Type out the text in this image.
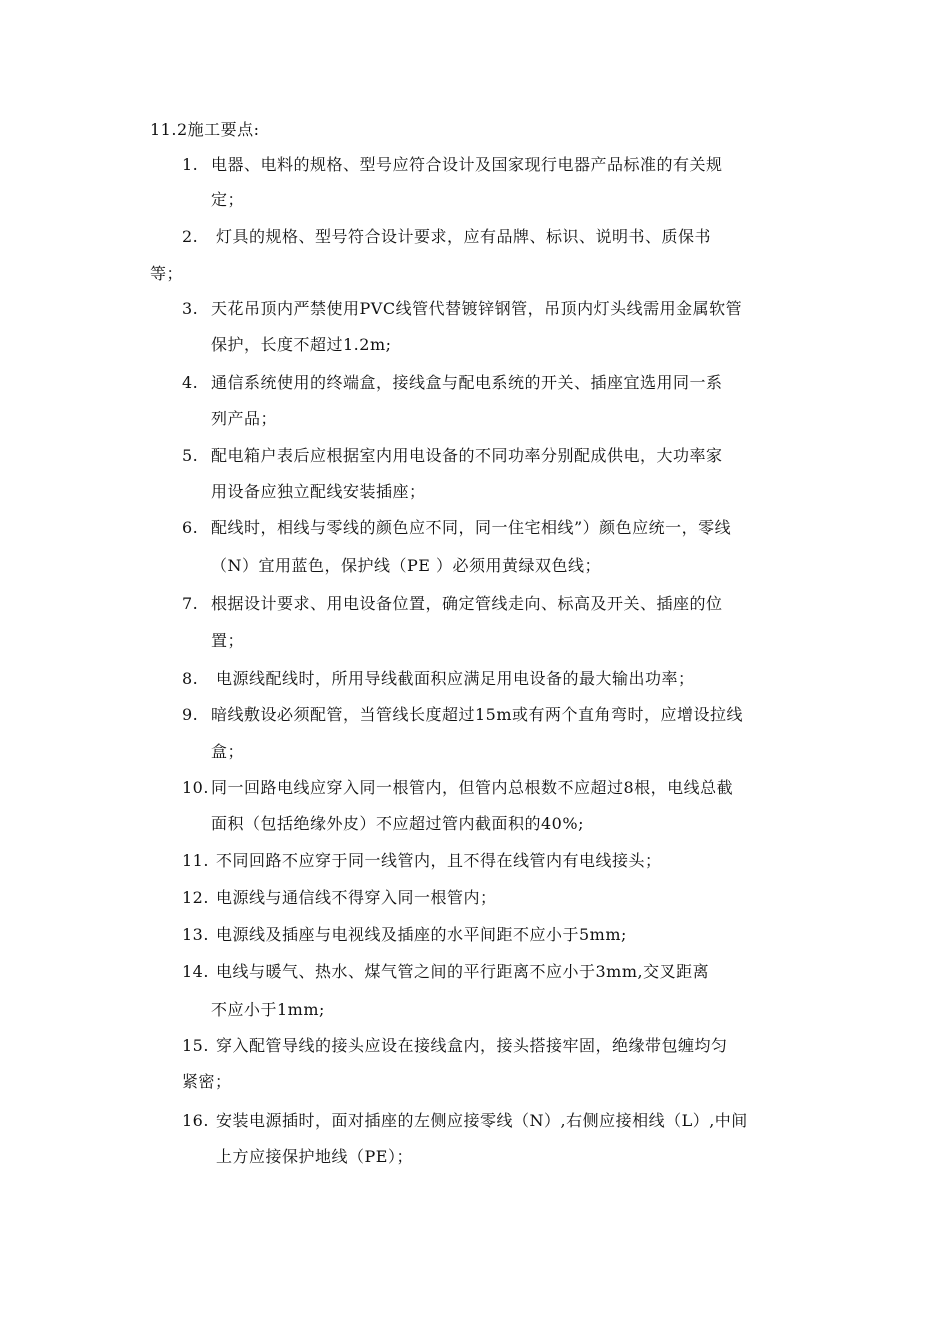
11.2施工要点:
1. 电器、电料的规格、型号应符合设计及国家现行电器产品标准的有关规
定；
2. 灯具的规格、型号符合设计要求，应有品牌、标识、说明书、质保书
等；
3. 天花吊顶内严禁使用PVC线管代替镀锌钢管，吊顶内灯头线需用金属软管
保护，长度不超过1.2m;
4. 通信系统使用的终端盒，接线盒与配电系统的开关、插座宜选用同一系
列产品；
5. 配电箱户表后应根据室内用电设备的不同功率分别配成供电，大功率家
用设备应独立配线安装插座；
6. 配线时，相线与零线的颜色应不同，同一住宅相线”）颜色应统一，零线
（N）宜用蓝色，保护线（PE ）必须用黄绿双色线；
7. 根据设计要求、用电设备位置，确定管线走向、标高及开关、插座的位
置；
8. 电源线配线时，所用导线截面积应满足用电设备的最大输出功率；
9. 暗线敷设必须配管，当管线长度超过15m或有两个直角弯时，应增设拉线
盒；
10. 同一回路电线应穿入同一根管内，但管内总根数不应超过8根，电线总截
面积（包括绝缘外皮）不应超过管内截面积的40%;
11. 不同回路不应穿于同一线管内，且不得在线管内有电线接头；
12. 电源线与通信线不得穿入同一根管内；
13. 电源线及插座与电视线及插座的水平间距不应小于5mm;
14. 电线与暖气、热水、煤气管之间的平行距离不应小于3mm,交叉距离
不应小于1mm;
15. 穿入配管导线的接头应设在接线盒内，接头搭接牢固，绝缘带包缠均匀
紧密；
16. 安装电源插时，面对插座的左侧应接零线（N）,右侧应接相线（L）,中间
上方应接保护地线（PE）；
